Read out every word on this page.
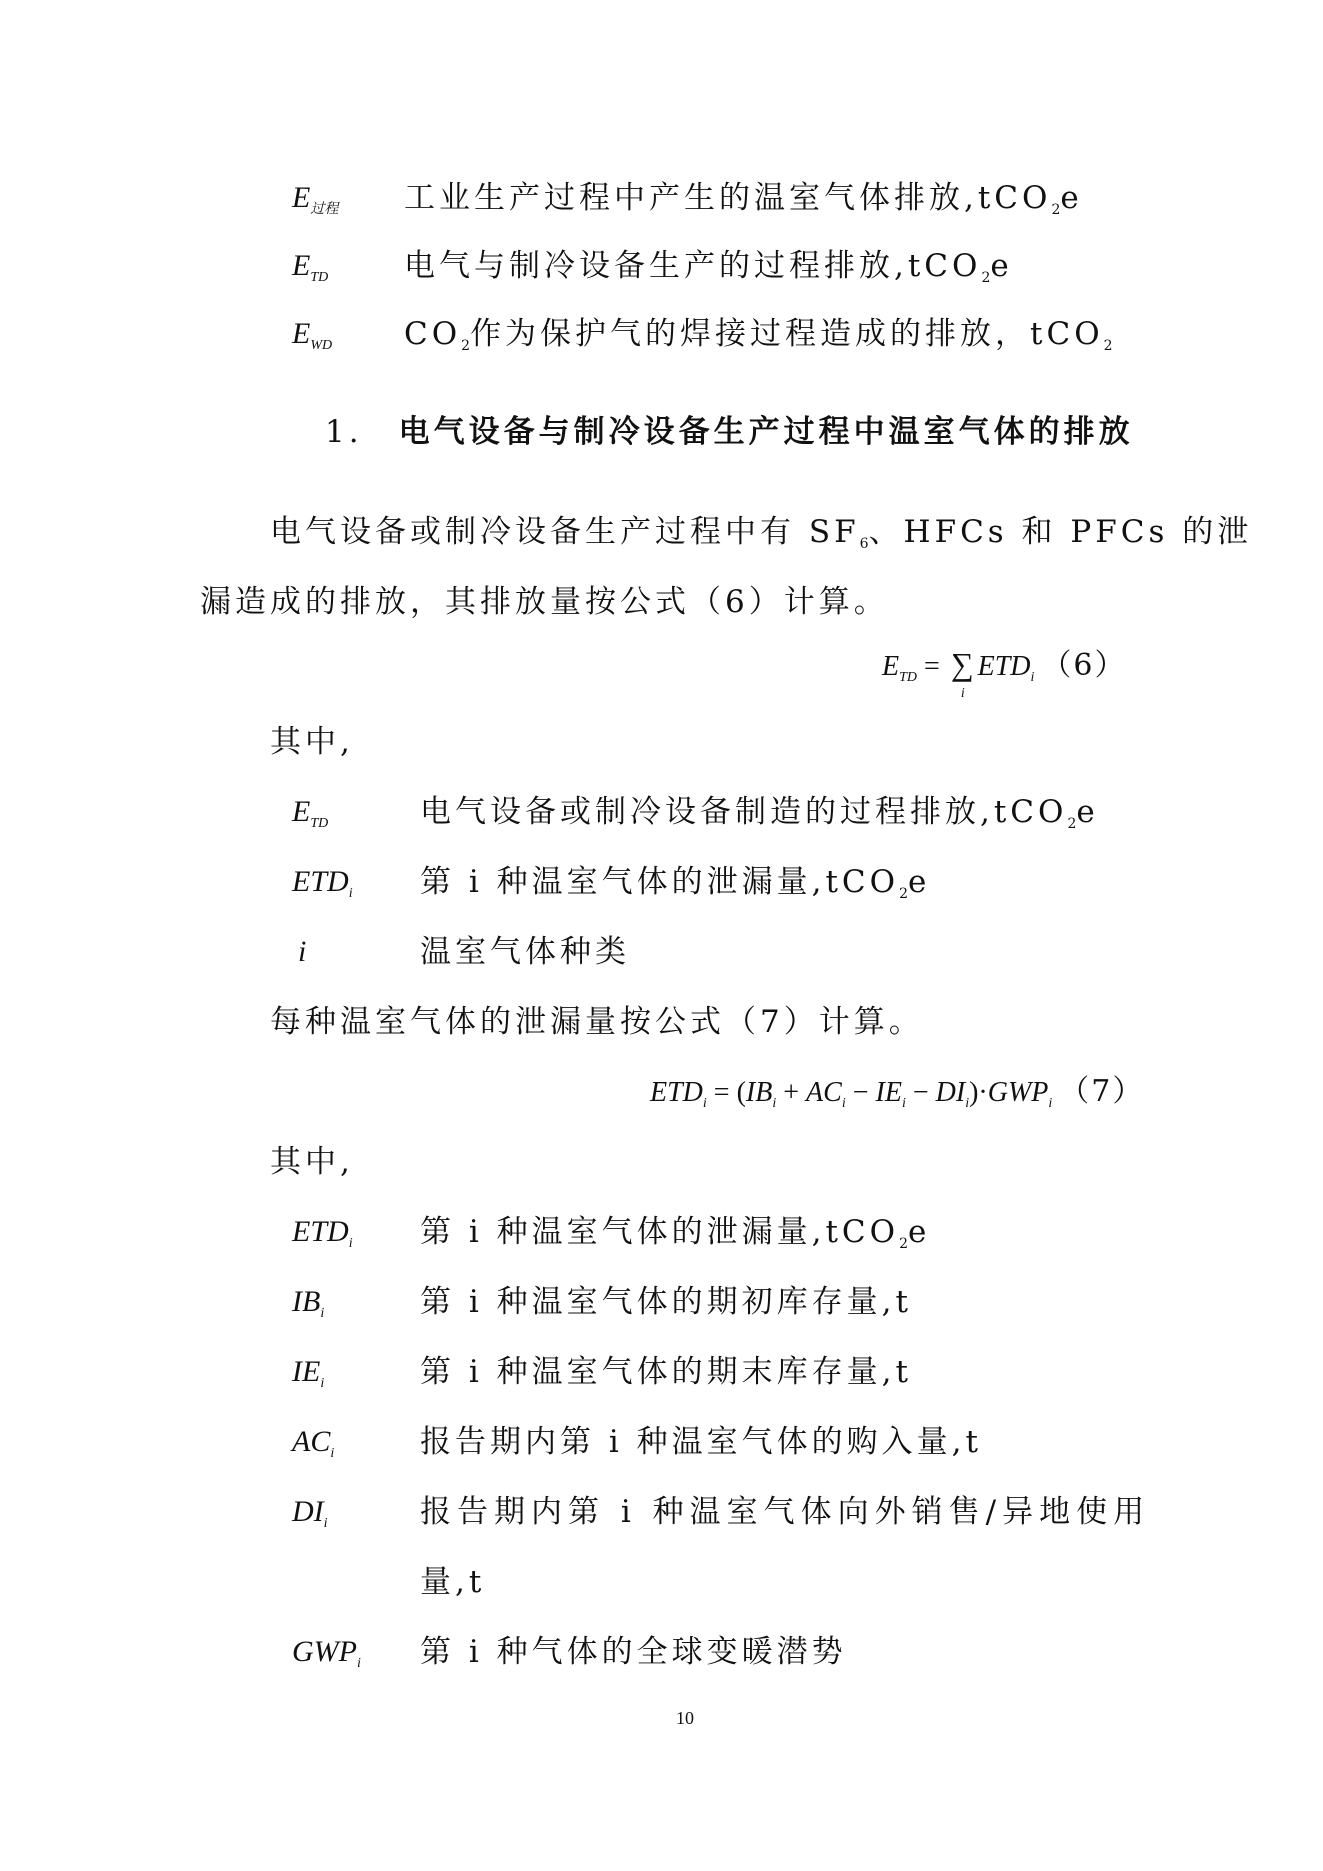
$E_{过程}$ 工业生产过程中产生的温室气体排放,tCO$_2$e
$E_{TD}$ 电气与制冷设备生产的过程排放,tCO$_2$e
$E_{WD}$ $CO_2$作为保护气的焊接过程造成的排放，tCO$_2$
1. 电气设备与制冷设备生产过程中温室气体的排放
电气设备或制冷设备生产过程中有 $SF_6$、HFCs 和 PFCs 的泄
漏造成的排放，其排放量按公式（6）计算。
$E_{TD}$ = ∑
i
$ETD_i$ （6）
其中,
$E_{TD}$	电气设备或制冷设备制造的过程排放,tCO$_2$e
$ETD_i$ 第 i 种温室气体的泄漏量,tCO$_2$e
i	温室气体种类
每种温室气体的泄漏量按公式（7）计算。
$ETD_i = (IB_i + AC_i - IE_i - DI_i)\cdot GWP_i$ （7）
其中,
$ETD_i$ 第 i 种温室气体的泄漏量,tCO$_2$e
$IB_i$	第 i 种温室气体的期初库存量,t
$IE_i$	第 i 种温室气体的期末库存量,t
$AC_i$	报告期内第 i 种温室气体的购入量,t
$DI_i$	报告期内第 i 种温室气体向外销售/异地使用
量,t
$GWP_i$ 第 i 种气体的全球变暖潜势
10
